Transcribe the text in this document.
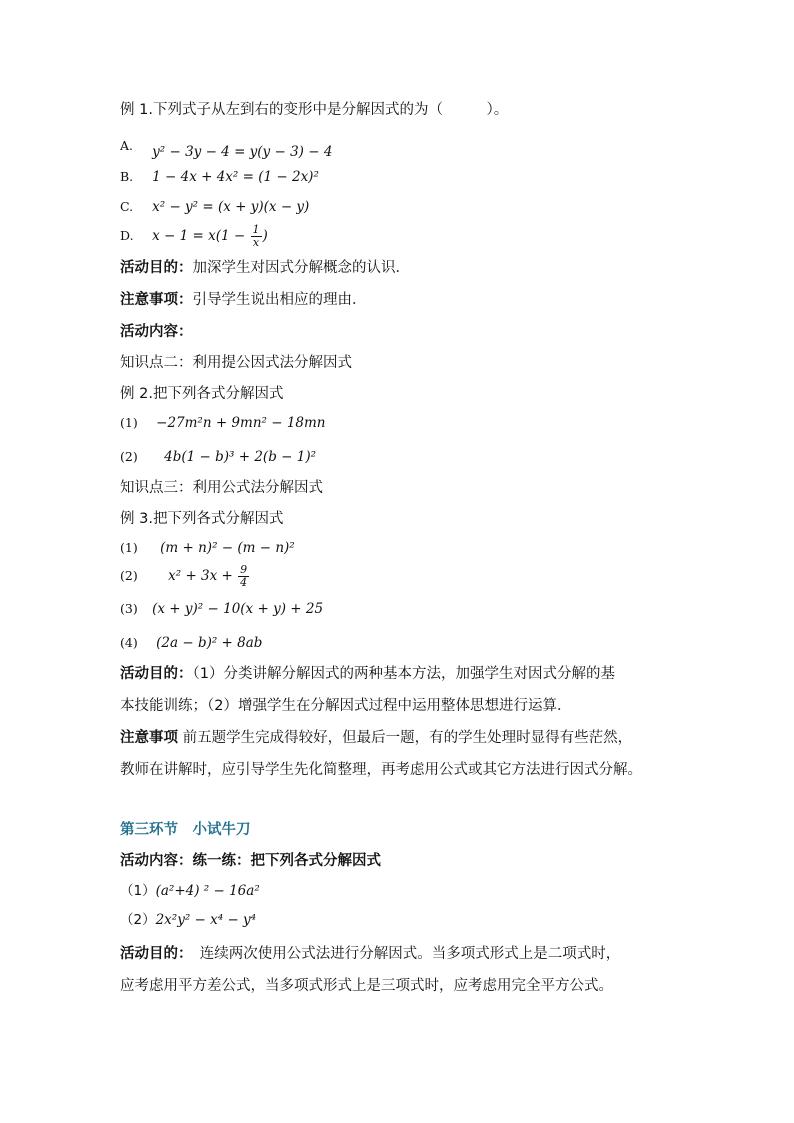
例 1.下列式子从左到右的变形中是分解因式的为（　　　）。
A. y² − 3y − 4 = y(y − 3) − 4
B. 1 − 4x + 4x² = (1 − 2x)²
C. x² − y² = (x + y)(x − y)
D. $x - 1 = x(1 - \frac{1}{x}$ )
活动目的：加深学生对因式分解概念的认识．
注意事项：引导学生说出相应的理由．
活动内容：
知识点二：利用提公因式法分解因式
例 2.把下列各式分解因式
(1) −27m²n + 9mn² − 18mn
(2) 4b(1 − b)³ + 2(b − 1)²
知识点三：利用公式法分解因式
例 3.把下列各式分解因式
(1) (m + n)² − (m − n)²
(2) $x^2 + 3x + \frac{9}{4}$
(3) (x + y)² − 10(x + y) + 25
(4) (2a − b)² + 8ab
活动目的：（1）分类讲解分解因式的两种基本方法，加强学生对因式分解的基
本技能训练；（2）增强学生在分解因式过程中运用整体思想进行运算．
注意事项 前五题学生完成得较好，但最后一题，有的学生处理时显得有些茫然，
教师在讲解时，应引导学生先化简整理，再考虑用公式或其它方法进行因式分解。
第三环节　小试牛刀
活动内容：练一练：把下列各式分解因式
（1）(a²+4) ² − 16a²
（2）2x²y² − x⁴ − y⁴
活动目的：　连续两次使用公式法进行分解因式。当多项式形式上是二项式时，
应考虑用平方差公式，当多项式形式上是三项式时，应考虑用完全平方公式。
